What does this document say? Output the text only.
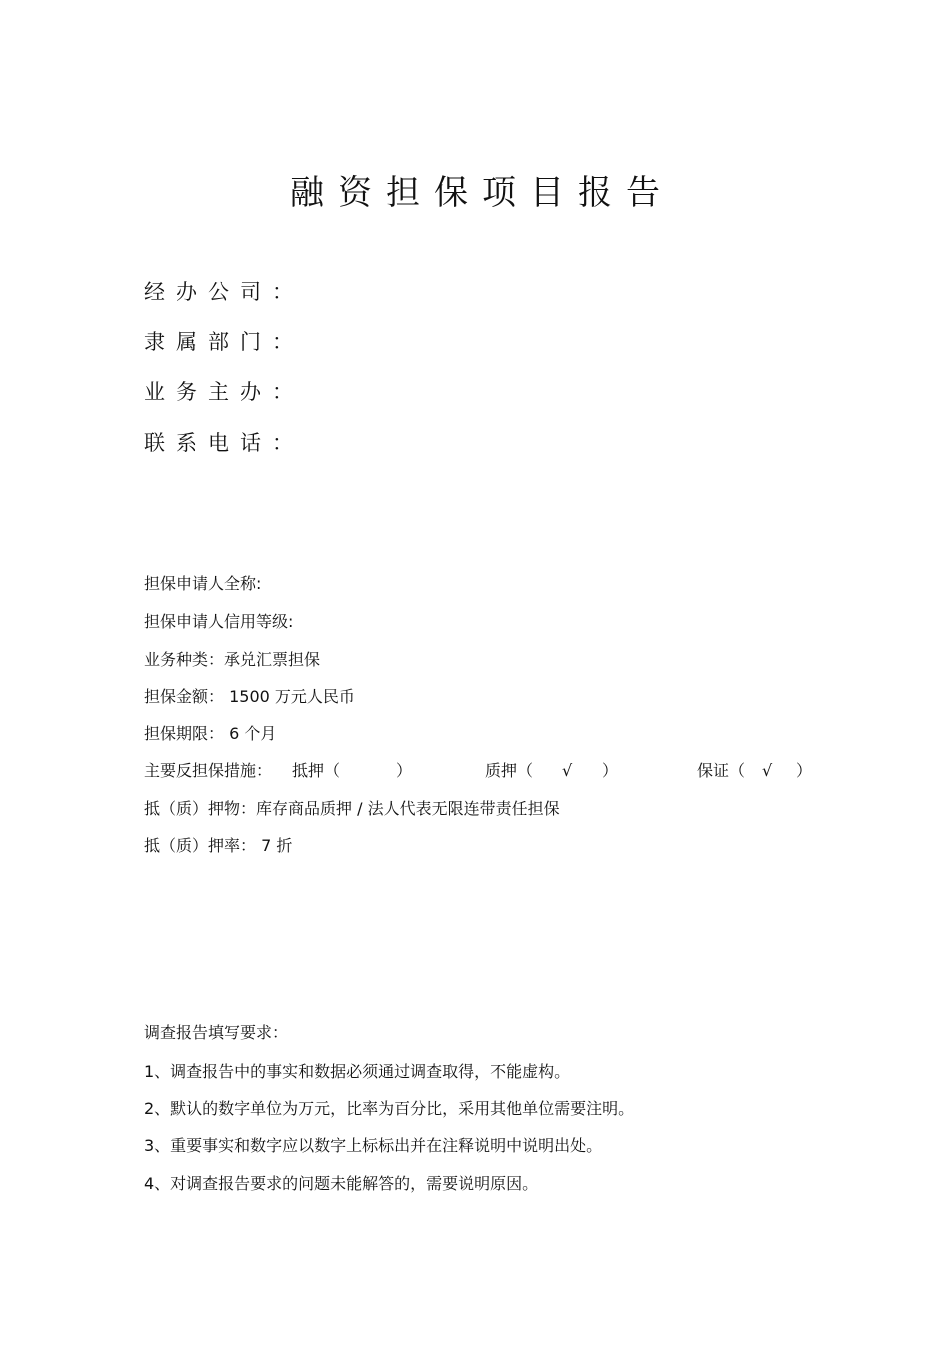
融资担保项目报告
经办公司：
隶属部门：
业务主办：
联系电话：
担保申请人全称:
担保申请人信用等级:
业务种类：承兑汇票担保
担保金额： 1500 万元人民币
担保期限： 6 个月
主要反担保措施： 抵押（	）	质押（ √ ）	保证（ √ ）
抵（质）押物：库存商品质押 / 法人代表无限连带责任担保
抵（质）押率： 7 折
调查报告填写要求：
1、调查报告中的事实和数据必须通过调查取得，不能虚构。
2、默认的数字单位为万元，比率为百分比，采用其他单位需要注明。
3、重要事实和数字应以数字上标标出并在注释说明中说明出处。
4、对调查报告要求的问题未能解答的，需要说明原因。
